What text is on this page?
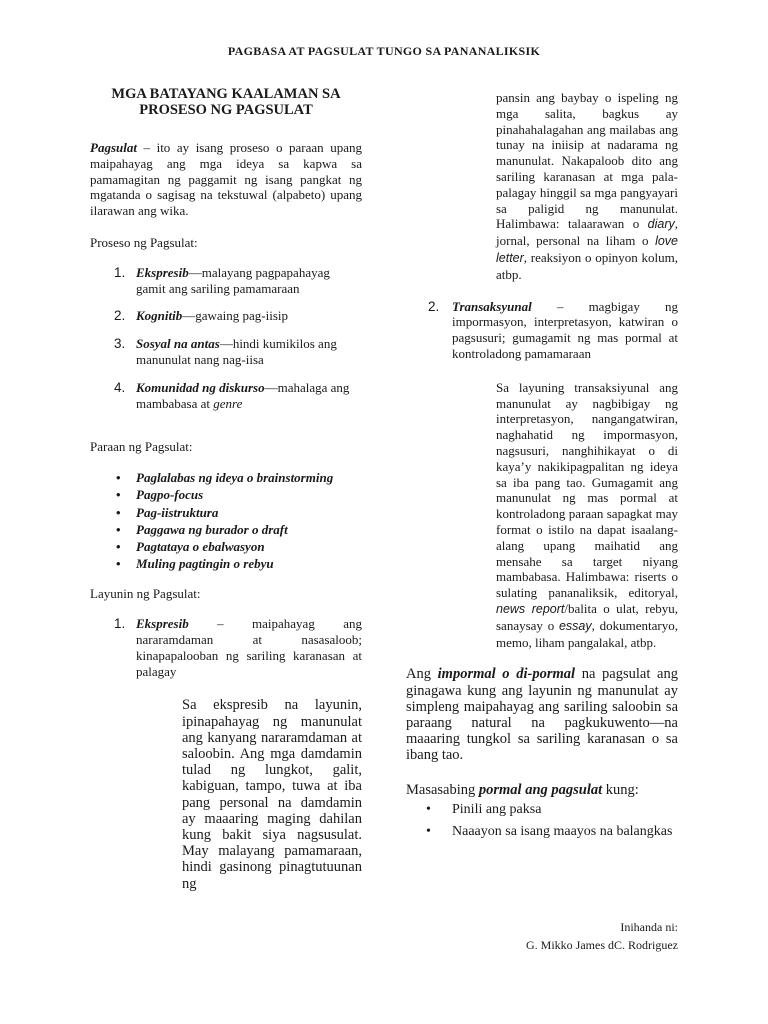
PAGBASA AT PAGSULAT TUNGO SA PANANALIKSIK
MGA BATAYANG KAALAMAN SA
PROSESO NG PAGSULAT

Pagsulat – ito ay isang proseso o paraan upang maipahayag ang mga ideya sa kapwa sa pamamagitan ng paggamit ng isang pangkat ng mgatanda o sagisag na tekstuwal (alpabeto) upang ilarawan ang wika.

Proseso ng Pagsulat:

1. Ekspresib—malayang pagpapahayag gamit ang sariling pamamaraan
2. Kognitib—gawaing pag-iisip
3. Sosyal na antas—hindi kumikilos ang manunulat nang nag-iisa
4. Komunidad ng diskurso—mahalaga ang mambabasa at genre

Paraan ng Pagsulat:

• Paglalabas ng ideya o brainstorming
• Pagpo-focus
• Pag-iistruktura
• Paggawa ng burador o draft
• Pagtataya o ebalwasyon
• Muling pagtingin o rebyu

Layunin ng Pagsulat:

1. Ekspresib – maipahayag ang nararamdaman at nasasaloob; kinapapalooban ng sariling karanasan at palagay

Sa ekspresib na layunin, ipinapahayag ng manunulat ang kanyang nararamdaman at saloobin. Ang mga damdamin tulad ng lungkot, galit, kabiguan, tampo, tuwa at iba pang personal na damdamin ay maaaring maging dahilan kung bakit siya nagsusulat. May malayang pamamaraan, hindi gasinong pinagtutuunan ng

pansin ang baybay o ispeling ng mga salita, bagkus ay pinahahalagahan ang mailabas ang tunay na iniisip at nadarama ng manunulat. Nakapaloob dito ang sariling karanasan at mga pala-palagay hinggil sa mga pangyayari sa paligid ng manunulat. Halimbawa: talaarawan o diary, jornal, personal na liham o love letter, reaksiyon o opinyon kolum, atbp.

2. Transaksyunal – magbigay ng impormasyon, interpretasyon, katwiran o pagsusuri; gumagamit ng mas pormal at kontroladong pamamaraan

Sa layuning transaksiyunal ang manunulat ay nagbibigay ng interpretasyon, nangangatwiran, naghahatid ng impormasyon, nagsusuri, nanghihikayat o di kaya’y nakikipagpalitan ng ideya sa iba pang tao. Gumagamit ang manunulat ng mas pormal at kontroladong paraan sapagkat may format o istilo na dapat isaalang-alang upang maihatid ang mensahe sa target niyang mambabasa. Halimbawa: riserts o sulating pananaliksik, editoryal, news report/balita o ulat, rebyu, sanaysay o essay, dokumentaryo, memo, liham pangalakal, atbp.

Ang impormal o di-pormal na pagsulat ang ginagawa kung ang layunin ng manunulat ay simpleng maipahayag ang sariling saloobin sa paraang natural na pagkukuwento—na maaaring tungkol sa sariling karanasan o sa ibang tao.

Masasabing pormal ang pagsulat kung:

• Pinili ang paksa
• Naaayon sa isang maayos na balangkas
Inihanda ni:
G. Mikko James dC. Rodriguez
